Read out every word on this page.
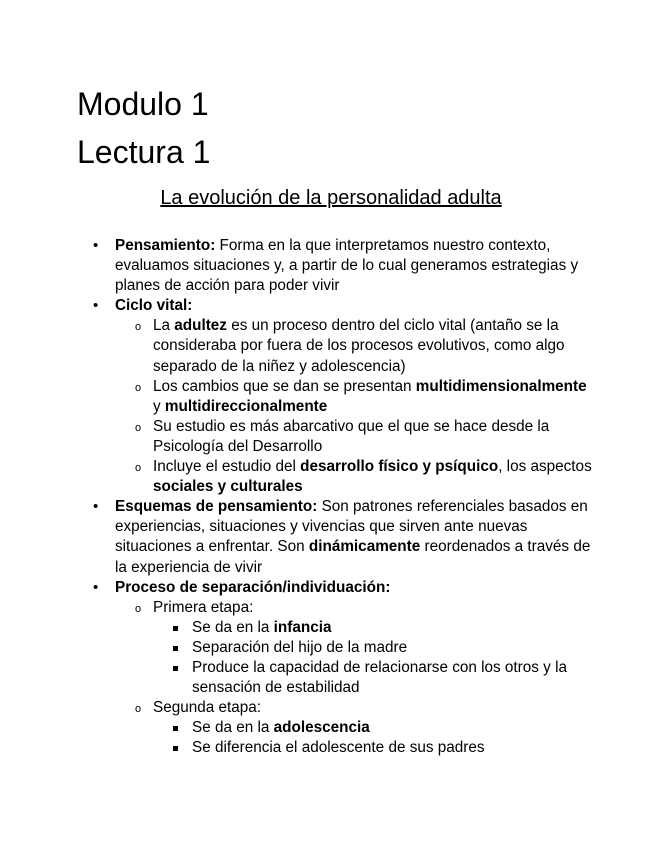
Modulo 1
Lectura 1
La evolución de la personalidad adulta
• Pensamiento: Forma en la que interpretamos nuestro contexto, evaluamos situaciones y, a partir de lo cual generamos estrategias y planes de acción para poder vivir
• Ciclo vital:
o La adultez es un proceso dentro del ciclo vital (antaño se la consideraba por fuera de los procesos evolutivos, como algo separado de la niñez y adolescencia)
o Los cambios que se dan se presentan multidimensionalmente y multidireccionalmente
o Su estudio es más abarcativo que el que se hace desde la Psicología del Desarrollo
o Incluye el estudio del desarrollo físico y psíquico, los aspectos sociales y culturales
• Esquemas de pensamiento: Son patrones referenciales basados en experiencias, situaciones y vivencias que sirven ante nuevas situaciones a enfrentar. Son dinámicamente reordenados a través de la experiencia de vivir
• Proceso de separación/individuación:
o Primera etapa:
Se da en la infancia
Separación del hijo de la madre
Produce la capacidad de relacionarse con los otros y la sensación de estabilidad
o Segunda etapa:
Se da en la adolescencia
Se diferencia el adolescente de sus padres
